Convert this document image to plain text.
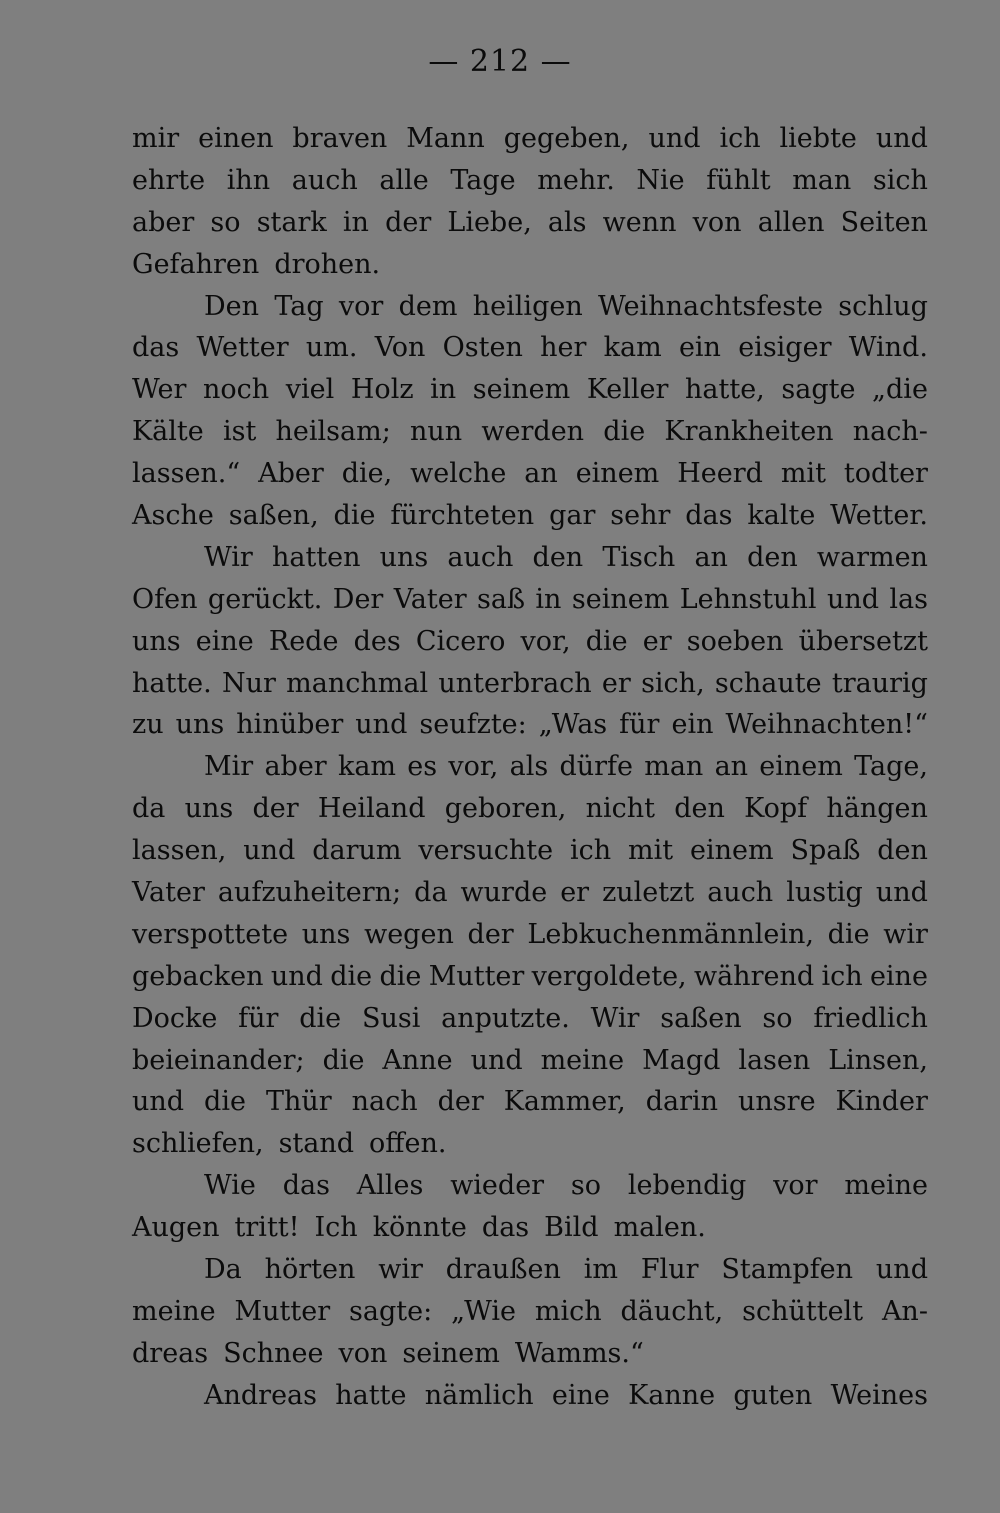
— 212 —
mir einen braven Mann gegeben, und ich liebte und
ehrte ihn auch alle Tage mehr. Nie fühlt man sich
aber so stark in der Liebe, als wenn von allen Seiten
Gefahren drohen.
Den Tag vor dem heiligen Weihnachtsfeste schlug
das Wetter um. Von Osten her kam ein eisiger Wind.
Wer noch viel Holz in seinem Keller hatte, sagte „die
Kälte ist heilsam; nun werden die Krankheiten nach-
lassen.“ Aber die, welche an einem Heerd mit todter
Asche saßen, die fürchteten gar sehr das kalte Wetter.
Wir hatten uns auch den Tisch an den warmen
Ofen gerückt. Der Vater saß in seinem Lehnstuhl und las
uns eine Rede des Cicero vor, die er soeben übersetzt
hatte. Nur manchmal unterbrach er sich, schaute traurig
zu uns hinüber und seufzte: „Was für ein Weihnachten!“
Mir aber kam es vor, als dürfe man an einem Tage,
da uns der Heiland geboren, nicht den Kopf hängen
lassen, und darum versuchte ich mit einem Spaß den
Vater aufzuheitern; da wurde er zuletzt auch lustig und
verspottete uns wegen der Lebkuchenmännlein, die wir
gebacken und die die Mutter vergoldete, während ich eine
Docke für die Susi anputzte. Wir saßen so friedlich
beieinander; die Anne und meine Magd lasen Linsen,
und die Thür nach der Kammer, darin unsre Kinder
schliefen, stand offen.
Wie das Alles wieder so lebendig vor meine
Augen tritt! Ich könnte das Bild malen.
Da hörten wir draußen im Flur Stampfen und
meine Mutter sagte: „Wie mich däucht, schüttelt An-
dreas Schnee von seinem Wamms.“
Andreas hatte nämlich eine Kanne guten Weines
